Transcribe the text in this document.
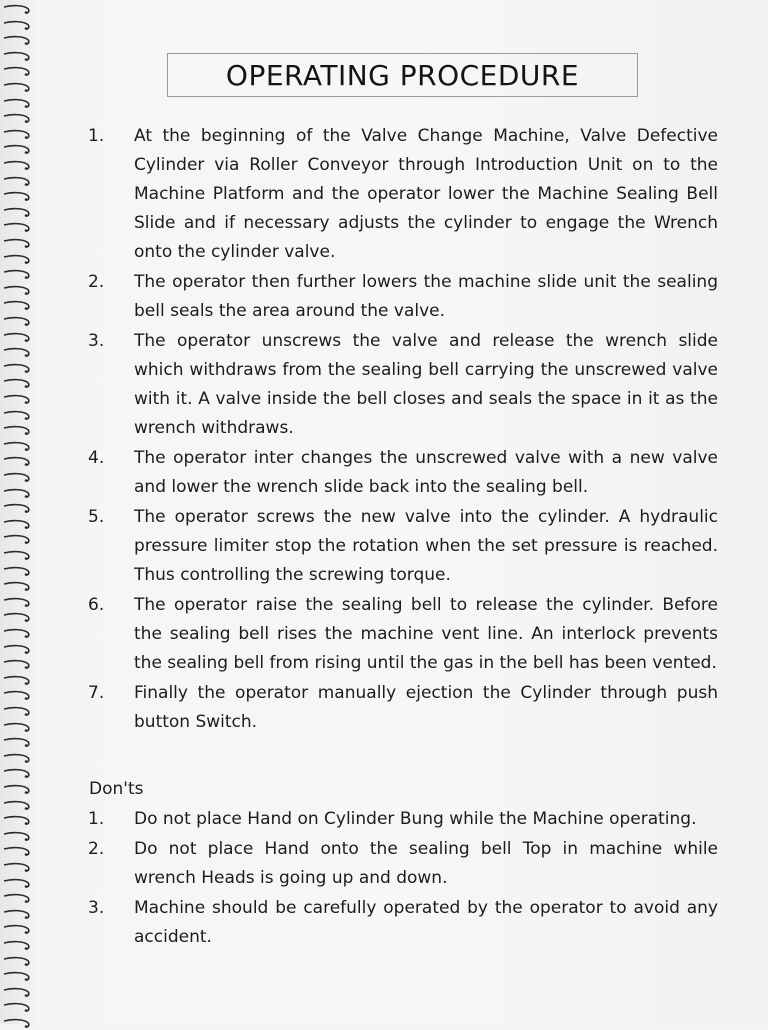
OPERATING PROCEDURE
1.	At the beginning of the Valve Change Machine, Valve Defective Cylinder via Roller Conveyor through Introduction Unit on to the Machine Platform and the operator lower the Machine Sealing Bell Slide and if necessary adjusts the cylinder to engage the Wrench onto the cylinder valve.
2.	The operator then further lowers the machine slide unit the sealing bell seals the area around the valve.
3.	The operator unscrews the valve and release the wrench slide which withdraws from the sealing bell carrying the unscrewed valve with it. A valve inside the bell closes and seals the space in it as the wrench withdraws.
4.	The operator inter changes the unscrewed valve with a new valve and lower the wrench slide back into the sealing bell.
5.	The operator screws the new valve into the cylinder. A hydraulic pressure limiter stop the rotation when the set pressure is reached. Thus controlling the screwing torque.
6.	The operator raise the sealing bell to release the cylinder. Before the sealing bell rises the machine vent line. An interlock prevents the sealing bell from rising until the gas in the bell has been vented.
7.	Finally the operator manually ejection the Cylinder through push button Switch.
Don'ts
1.	Do not place Hand on Cylinder Bung while the Machine operating.
2.	Do not place Hand onto the sealing bell Top in machine while wrench Heads is going up and down.
3.	Machine should be carefully operated by the operator to avoid any accident.
